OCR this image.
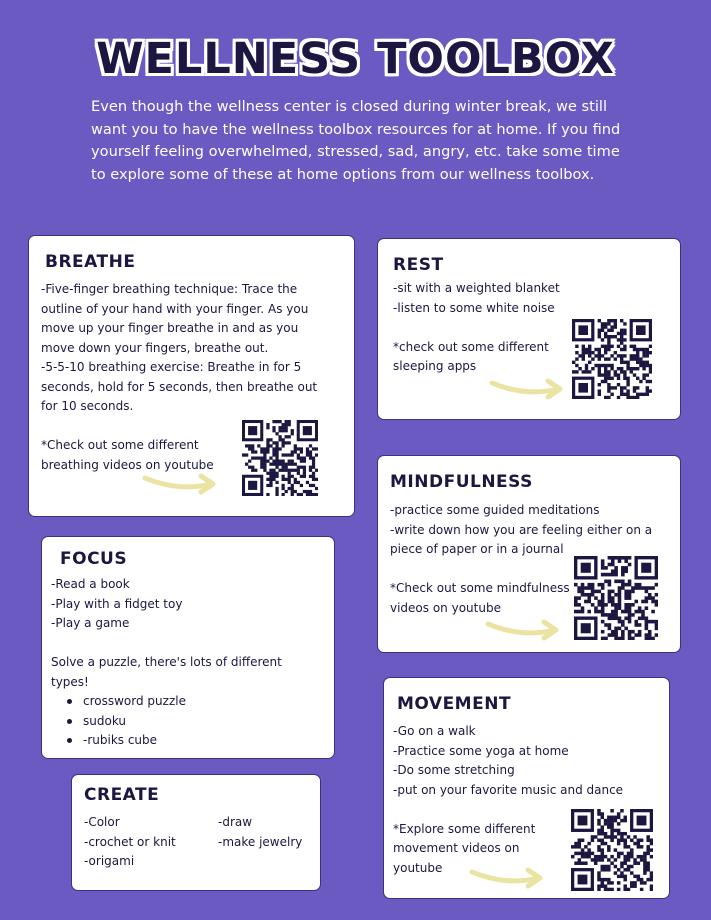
WELLNESS TOOLBOX
Even though the wellness center is closed during winter break, we still want you to have the wellness toolbox resources for at home. If you find yourself feeling overwhelmed, stressed, sad, angry, etc. take some time to explore some of these at home options from our wellness toolbox.
BREATHE
-Five-finger breathing technique: Trace the
outline of your hand with your finger. As you
move up your finger breathe in and as you
move down your fingers, breathe out.
-5-5-10 breathing exercise: Breathe in for 5
seconds, hold for 5 seconds, then breathe out
for 10 seconds.
*Check out some different
breathing videos on youtube
REST
-sit with a weighted blanket
-listen to some white noise
*check out some different
sleeping apps
MINDFULNESS
-practice some guided meditations
-write down how you are feeling either on a
piece of paper or in a journal
*Check out some mindfulness
videos on youtube
FOCUS
-Read a book
-Play with a fidget toy
-Play a game
Solve a puzzle, there's lots of different
types!
crossword puzzle
sudoku
-rubiks cube
MOVEMENT
-Go on a walk
-Practice some yoga at home
-Do some stretching
-put on your favorite music and dance
*Explore some different
movement videos on
youtube
CREATE
-Color
-crochet or knit
-origami
-draw
-make jewelry
